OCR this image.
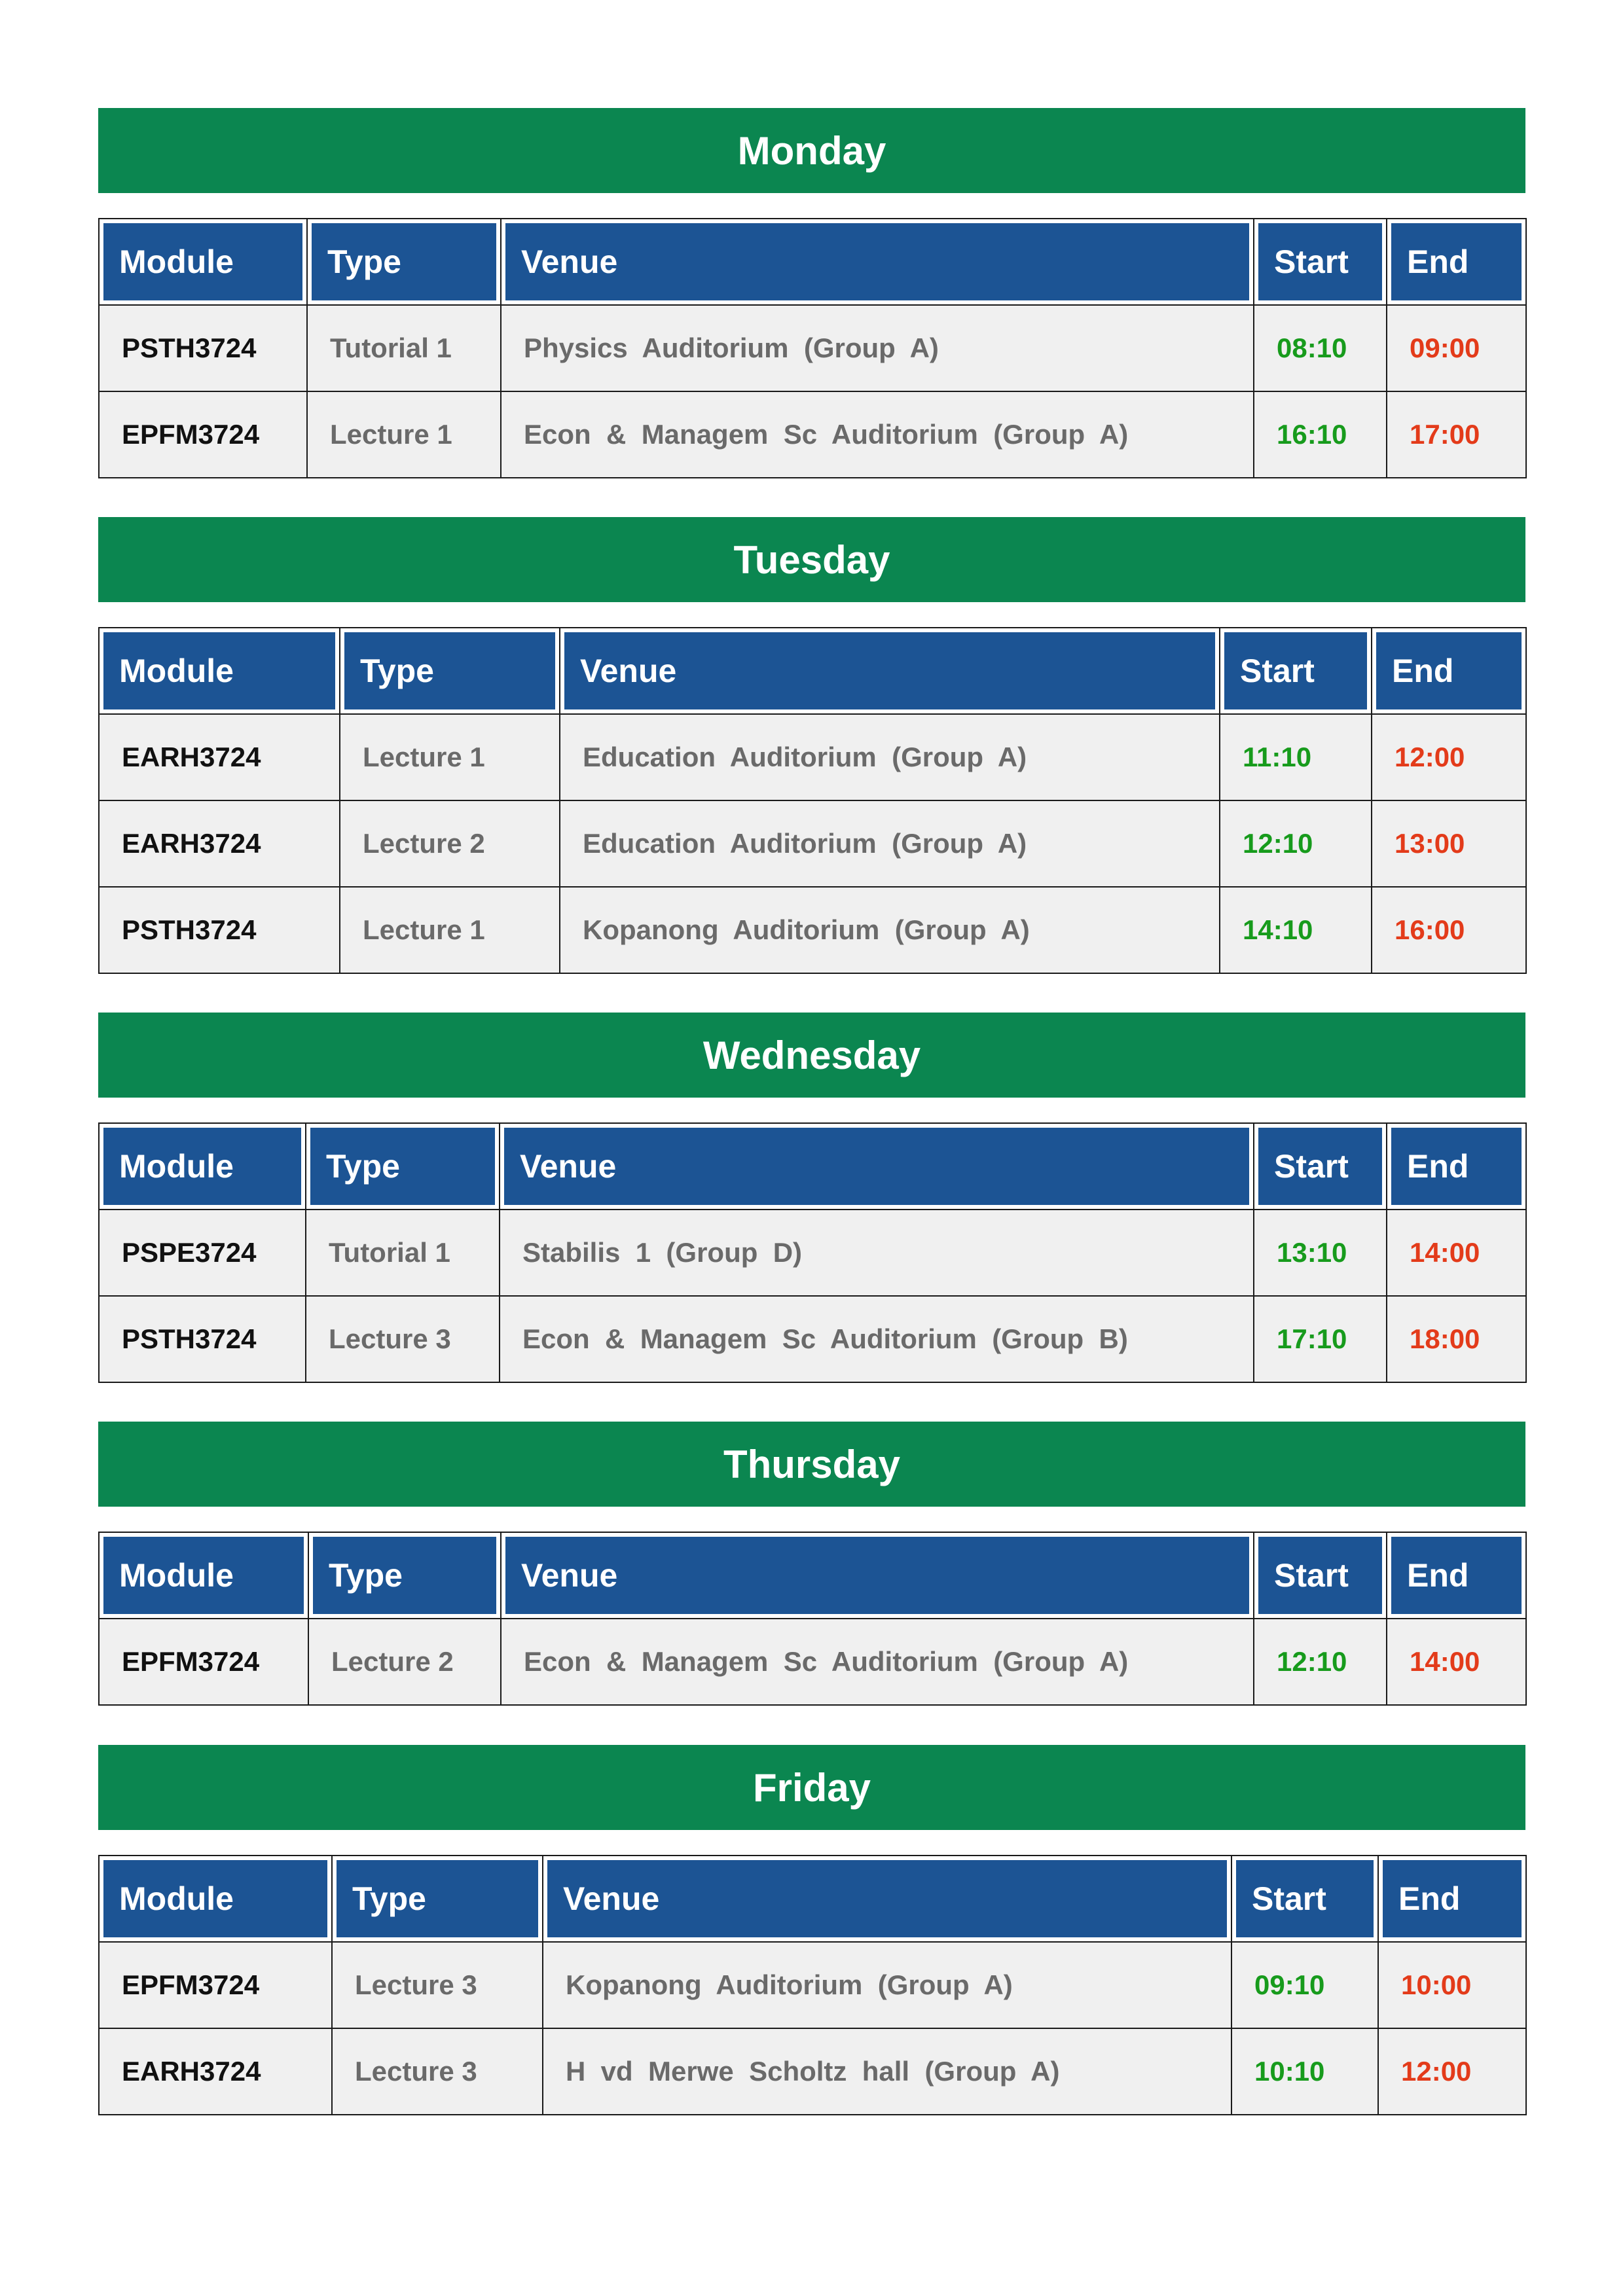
Monday
Module	Type	Venue	Start	End

PSTH3724	Tutorial 1	Physics  Auditorium  (Group  A)	08:10	09:00
EPFM3724	Lecture 1	Econ  &  Managem  Sc  Auditorium  (Group  A)	16:10	17:00
Tuesday
Module	Type	Venue	Start	End

EARH3724	Lecture 1	Education  Auditorium  (Group  A)	11:10	12:00
EARH3724	Lecture 2	Education  Auditorium  (Group  A)	12:10	13:00
PSTH3724	Lecture 1	Kopanong  Auditorium  (Group  A)	14:10	16:00
Wednesday
Module	Type	Venue	Start	End

PSPE3724	Tutorial 1	Stabilis  1  (Group  D)	13:10	14:00
PSTH3724	Lecture 3	Econ  &  Managem  Sc  Auditorium  (Group  B)	17:10	18:00
Thursday
Module	Type	Venue	Start	End

EPFM3724	Lecture 2	Econ  &  Managem  Sc  Auditorium  (Group  A)	12:10	14:00
Friday
Module	Type	Venue	Start	End

EPFM3724	Lecture 3	Kopanong  Auditorium  (Group  A)	09:10	10:00
EARH3724	Lecture 3	H  vd  Merwe  Scholtz  hall  (Group  A)	10:10	12:00
